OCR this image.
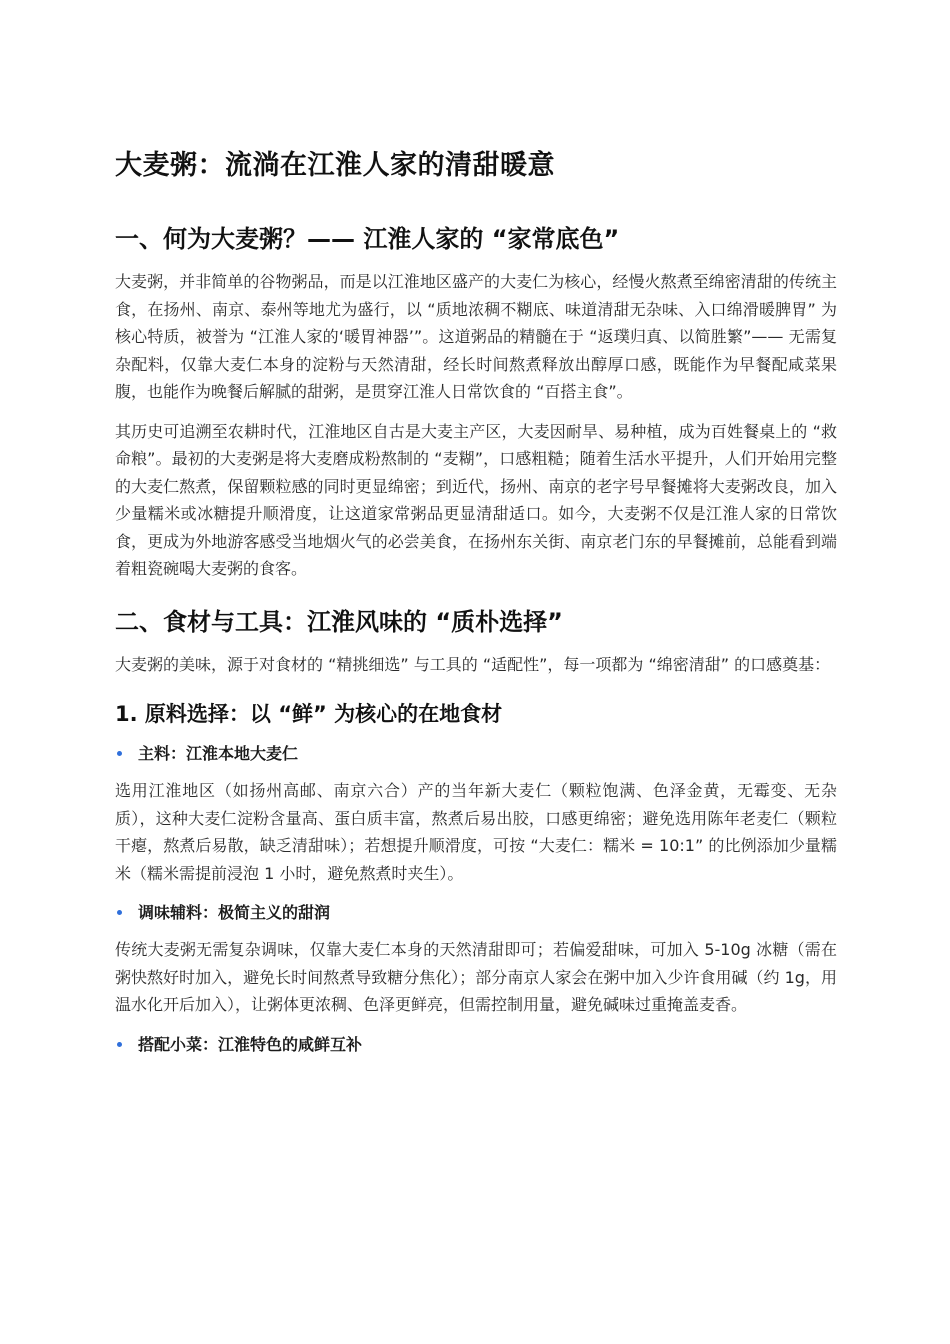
大麦粥：流淌在江淮人家的清甜暖意
一、何为大麦粥？—— 江淮人家的 “家常底色”

大麦粥，并非简单的谷物粥品，而是以江淮地区盛产的大麦仁为核心，经慢火熬煮至绵密清甜的传统主食，在扬州、南京、泰州等地尤为盛行，以 “质地浓稠不糊底、味道清甜无杂味、入口绵滑暖脾胃” 为核心特质，被誉为 “江淮人家的‘暖胃神器’”。这道粥品的精髓在于 “返璞归真、以简胜繁”—— 无需复杂配料，仅靠大麦仁本身的淀粉与天然清甜，经长时间熬煮释放出醇厚口感，既能作为早餐配咸菜果腹，也能作为晚餐后解腻的甜粥，是贯穿江淮人日常饮食的 “百搭主食”。

其历史可追溯至农耕时代，江淮地区自古是大麦主产区，大麦因耐旱、易种植，成为百姓餐桌上的 “救命粮”。最初的大麦粥是将大麦磨成粉熬制的 “麦糊”，口感粗糙；随着生活水平提升，人们开始用完整的大麦仁熬煮，保留颗粒感的同时更显绵密；到近代，扬州、南京的老字号早餐摊将大麦粥改良，加入少量糯米或冰糖提升顺滑度，让这道家常粥品更显清甜适口。如今，大麦粥不仅是江淮人家的日常饮食，更成为外地游客感受当地烟火气的必尝美食，在扬州东关街、南京老门东的早餐摊前，总能看到端着粗瓷碗喝大麦粥的食客。

二、食材与工具：江淮风味的 “质朴选择”

大麦粥的美味，源于对食材的 “精挑细选” 与工具的 “适配性”，每一项都为 “绵密清甜” 的口感奠基：

1. 原料选择：以 “鲜” 为核心的在地食材
主料：江淮本地大麦仁

选用江淮地区（如扬州高邮、南京六合）产的当年新大麦仁（颗粒饱满、色泽金黄，无霉变、无杂质），这种大麦仁淀粉含量高、蛋白质丰富，熬煮后易出胶，口感更绵密；避免选用陈年老麦仁（颗粒干瘪，熬煮后易散，缺乏清甜味）；若想提升顺滑度，可按 “大麦仁：糯米 = 10:1” 的比例添加少量糯米（糯米需提前浸泡 1 小时，避免熬煮时夹生）。

调味辅料：极简主义的甜润

传统大麦粥无需复杂调味，仅靠大麦仁本身的天然清甜即可；若偏爱甜味，可加入 5-10g 冰糖（需在粥快熬好时加入，避免长时间熬煮导致糖分焦化）；部分南京人家会在粥中加入少许食用碱（约 1g，用温水化开后加入），让粥体更浓稠、色泽更鲜亮，但需控制用量，避免碱味过重掩盖麦香。

搭配小菜：江淮特色的咸鲜互补
